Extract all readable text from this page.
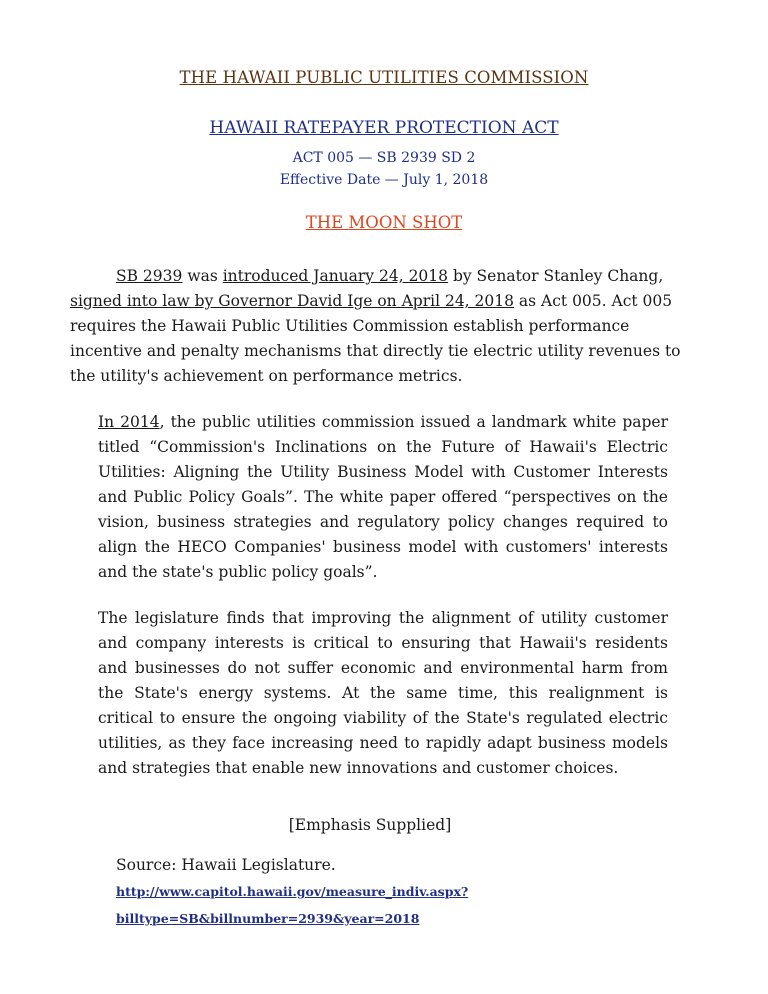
THE HAWAII PUBLIC UTILITIES COMMISSION
HAWAII RATEPAYER PROTECTION ACT
ACT 005 — SB 2939 SD 2
Effective Date — July 1, 2018
THE MOON SHOT
SB 2939 was introduced January 24, 2018 by Senator Stanley Chang, signed into law by Governor David Ige on April 24, 2018 as Act 005. Act 005 requires the Hawaii Public Utilities Commission establish performance incentive and penalty mechanisms that directly tie electric utility revenues to the utility's achievement on performance metrics.
In 2014, the public utilities commission issued a landmark white paper titled “Commission's Inclinations on the Future of Hawaii's Electric Utilities: Aligning the Utility Business Model with Customer Interests and Public Policy Goals”. The white paper offered “perspectives on the vision, business strategies and regulatory policy changes required to align the HECO Companies' business model with customers' interests and the state's public policy goals”.
The legislature finds that improving the alignment of utility customer and company interests is critical to ensuring that Hawaii's residents and businesses do not suffer economic and environmental harm from the State's energy systems. At the same time, this realignment is critical to ensure the ongoing viability of the State's regulated electric utilities, as they face increasing need to rapidly adapt business models and strategies that enable new innovations and customer choices.
[Emphasis Supplied]
Source: Hawaii Legislature. http://www.capitol.hawaii.gov/measure_indiv.aspx?
billtype=SB&billnumber=2939&year=2018
